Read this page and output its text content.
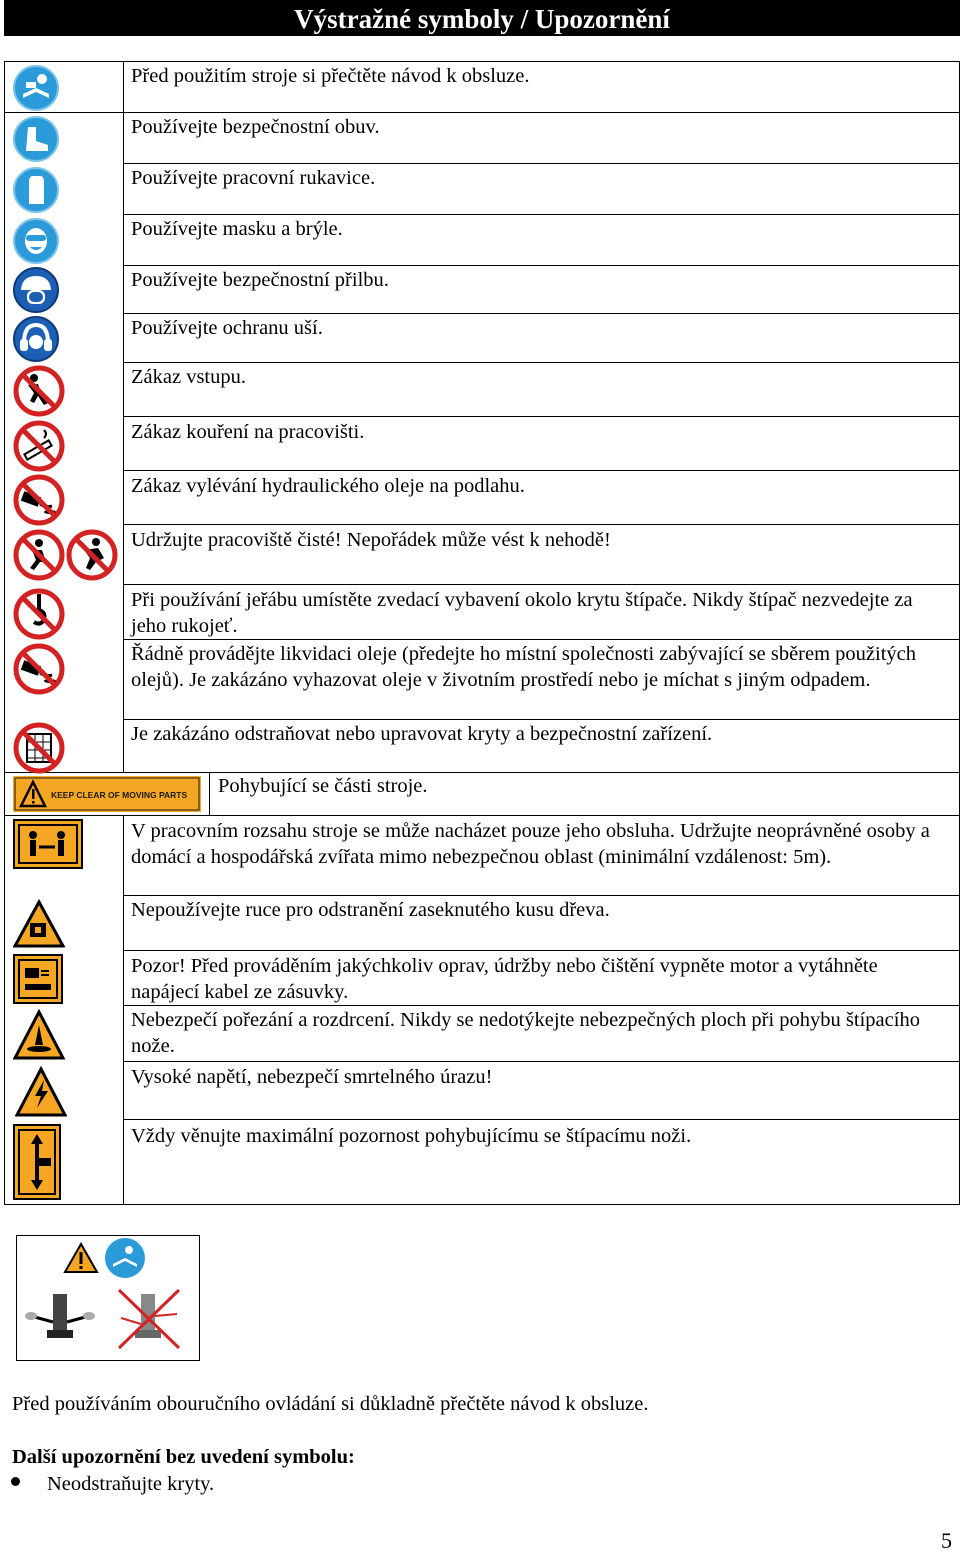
Výstražné symboly / Upozornění
Před použitím stroje si přečtěte návod k obsluze.
Používejte bezpečnostní obuv.
Používejte pracovní rukavice.
Používejte masku a brýle.
Používejte bezpečnostní přilbu.
Používejte ochranu uší.
Zákaz vstupu.
Zákaz kouření na pracovišti.
Zákaz vylévání hydraulického oleje na podlahu.
Udržujte pracoviště čisté! Nepořádek může vést k nehodě!
Při používání jeřábu umístěte zvedací vybavení okolo krytu štípače. Nikdy štípač nezvedejte za jeho rukojeť.
Řádně provádějte likvidaci oleje (předejte ho místní společnosti zabývající se sběrem použitých olejů). Je zakázáno vyhazovat oleje v životním prostředí nebo je míchat s jiným odpadem.
Je zakázáno odstraňovat nebo upravovat kryty a bezpečnostní zařízení.
Pohybující se části stroje.
V pracovním rozsahu stroje se může nacházet pouze jeho obsluha. Udržujte neoprávněné osoby a domácí a hospodářská zvířata mimo nebezpečnou oblast (minimální vzdálenost: 5m).
Nepoužívejte ruce pro odstranění zaseknutého kusu dřeva.
Pozor! Před prováděním jakýchkoliv oprav, údržby nebo čištění vypněte motor a vytáhněte napájecí kabel ze zásuvky.
Nebezpečí pořezání a rozdrcení. Nikdy se nedotýkejte nebezpečných ploch při pohybu štípacího nože.
Vysoké napětí, nebezpečí smrtelného úrazu!
Vždy věnujte maximální pozornost pohybujícímu se štípacímu noži.
KEEP CLEAR OF MOVING PARTS
Před používáním obouručního ovládání si důkladně přečtěte návod k obsluze.
Další upozornění bez uvedení symbolu:
Neodstraňujte kryty.
5
